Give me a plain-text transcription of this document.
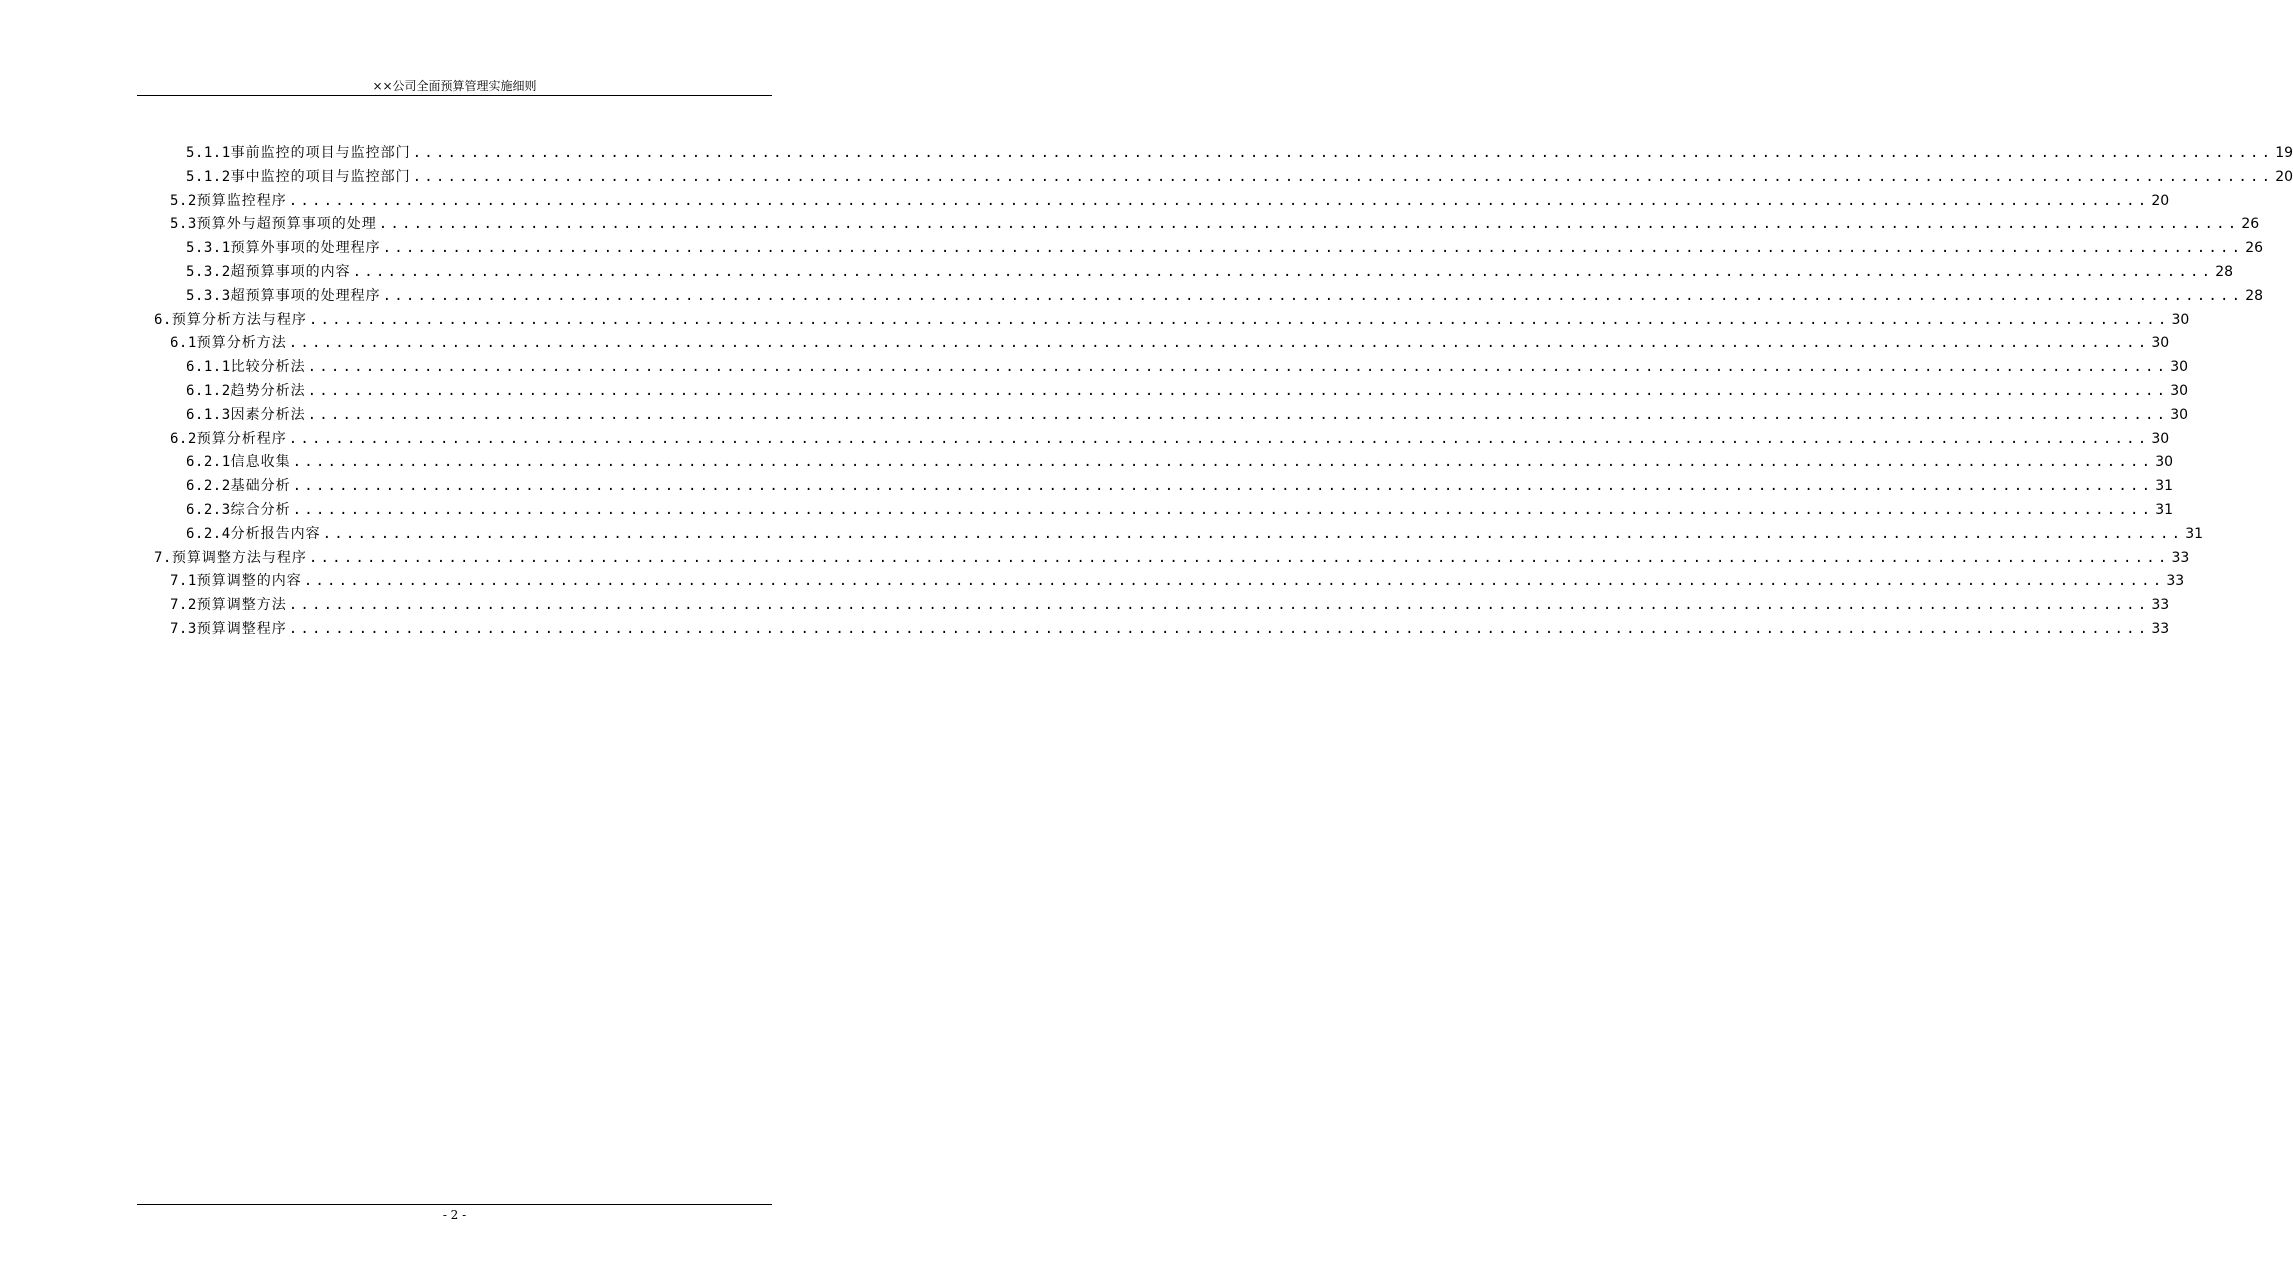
××公司全面预算管理实施细则
5.1.1 事前监控的项目与监控部门 ................................................................................................................................................................ 19
5.1.2 事中监控的项目与监控部门 ................................................................................................................................................................ 20
5.2 预算监控程序 ................................................................................................................................................................ 20
5.3 预算外与超预算事项的处理 ................................................................................................................................................................ 26
5.3.1 预算外事项的处理程序 ................................................................................................................................................................ 26
5.3.2 超预算事项的内容 ................................................................................................................................................................ 28
5.3.3 超预算事项的处理程序 ................................................................................................................................................................ 28
6. 预算分析方法与程序 ................................................................................................................................................................ 30
6.1 预算分析方法 ................................................................................................................................................................ 30
6.1.1 比较分析法 ................................................................................................................................................................ 30
6.1.2 趋势分析法 ................................................................................................................................................................ 30
6.1.3 因素分析法 ................................................................................................................................................................ 30
6.2 预算分析程序 ................................................................................................................................................................ 30
6.2.1 信息收集 ................................................................................................................................................................ 30
6.2.2 基础分析 ................................................................................................................................................................ 31
6.2.3 综合分析 ................................................................................................................................................................ 31
6.2.4 分析报告内容 ................................................................................................................................................................ 31
7. 预算调整方法与程序 ................................................................................................................................................................ 33
7.1 预算调整的内容 ................................................................................................................................................................ 33
7.2 预算调整方法 ................................................................................................................................................................ 33
7.3 预算调整程序 ................................................................................................................................................................ 33
- 2 -
